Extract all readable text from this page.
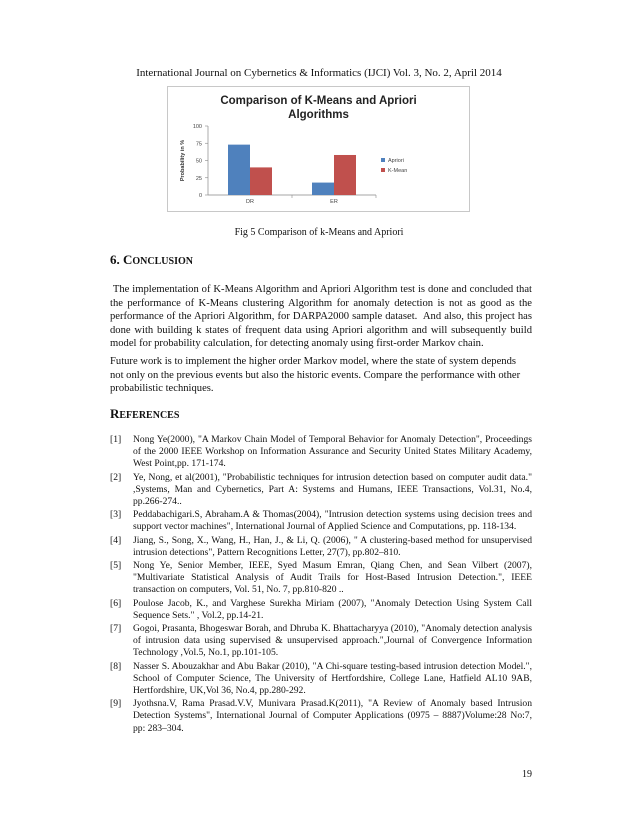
International Journal on Cybernetics & Informatics (IJCI) Vol. 3, No. 2, April 2014
Comparison of K-Means and Apriori
Algorithms
0
25
50
75
100
Probability in %
DR	ER
Apriori
K-Mean
Fig 5 Comparison of k-Means and Apriori
6. CONCLUSION

The implementation of K-Means Algorithm and Apriori Algorithm test is done and concluded that the performance of K-Means clustering Algorithm for anomaly detection is not as good as the performance of the Apriori Algorithm, for DARPA2000 sample dataset.  And also, this project has done with building k states of frequent data using Apriori algorithm and will subsequently build model for probability calculation, for detecting anomaly using first-order Markov chain.

Future work is to implement the higher order Markov model, where the state of system depends not only on the previous events but also the historic events. Compare the performance with other probabilistic techniques.

REFERENCES
[1] Nong Ye(2000), "A Markov Chain Model of Temporal Behavior for Anomaly Detection", Proceedings of the 2000 IEEE Workshop on Information Assurance and Security United States Military Academy, West Point,pp. 171-174.
[2] Ye, Nong, et al(2001), "Probabilistic techniques for intrusion detection based on computer audit data." ,Systems, Man and Cybernetics, Part A: Systems and Humans, IEEE Transactions, Vol.31, No.4, pp.266-274..
[3] Peddabachigari.S, Abraham.A & Thomas(2004), "Intrusion detection systems using decision trees and support vector machines", International Journal of Applied Science and Computations, pp. 118-134.
[4] Jiang, S., Song, X., Wang, H., Han, J., & Li, Q. (2006), " A clustering-based method for unsupervised intrusion detections", Pattern Recognitions Letter, 27(7), pp.802–810.
[5] Nong Ye, Senior Member, IEEE, Syed Masum Emran, Qiang Chen, and Sean Vilbert (2007), "Multivariate Statistical Analysis of Audit Trails for Host-Based Intrusion Detection.", IEEE transaction on computers, Vol. 51, No. 7, pp.810-820 ..
[6] Poulose Jacob, K., and Varghese Surekha Miriam (2007), "Anomaly Detection Using System Call Sequence Sets." , Vol.2, pp.14-21.
[7] Gogoi, Prasanta, Bhogeswar Borah, and Dhruba K. Bhattacharyya (2010), "Anomaly detection analysis of intrusion data using supervised & unsupervised approach.",Journal of Convergence Information Technology ,Vol.5, No.1, pp.101-105.
[8] Nasser S. Abouzakhar and Abu Bakar (2010), "A Chi-square testing-based intrusion detection Model.", School of Computer Science, The University of Hertfordshire, College Lane, Hatfield AL10 9AB, Hertfordshire, UK,Vol 36, No.4, pp.280-292.
[9] Jyothsna.V, Rama Prasad.V.V, Munivara Prasad.K(2011), "A Review of Anomaly based Intrusion Detection Systems", International Journal of Computer Applications (0975 – 8887)Volume:28 No:7, pp: 283–304.
19
